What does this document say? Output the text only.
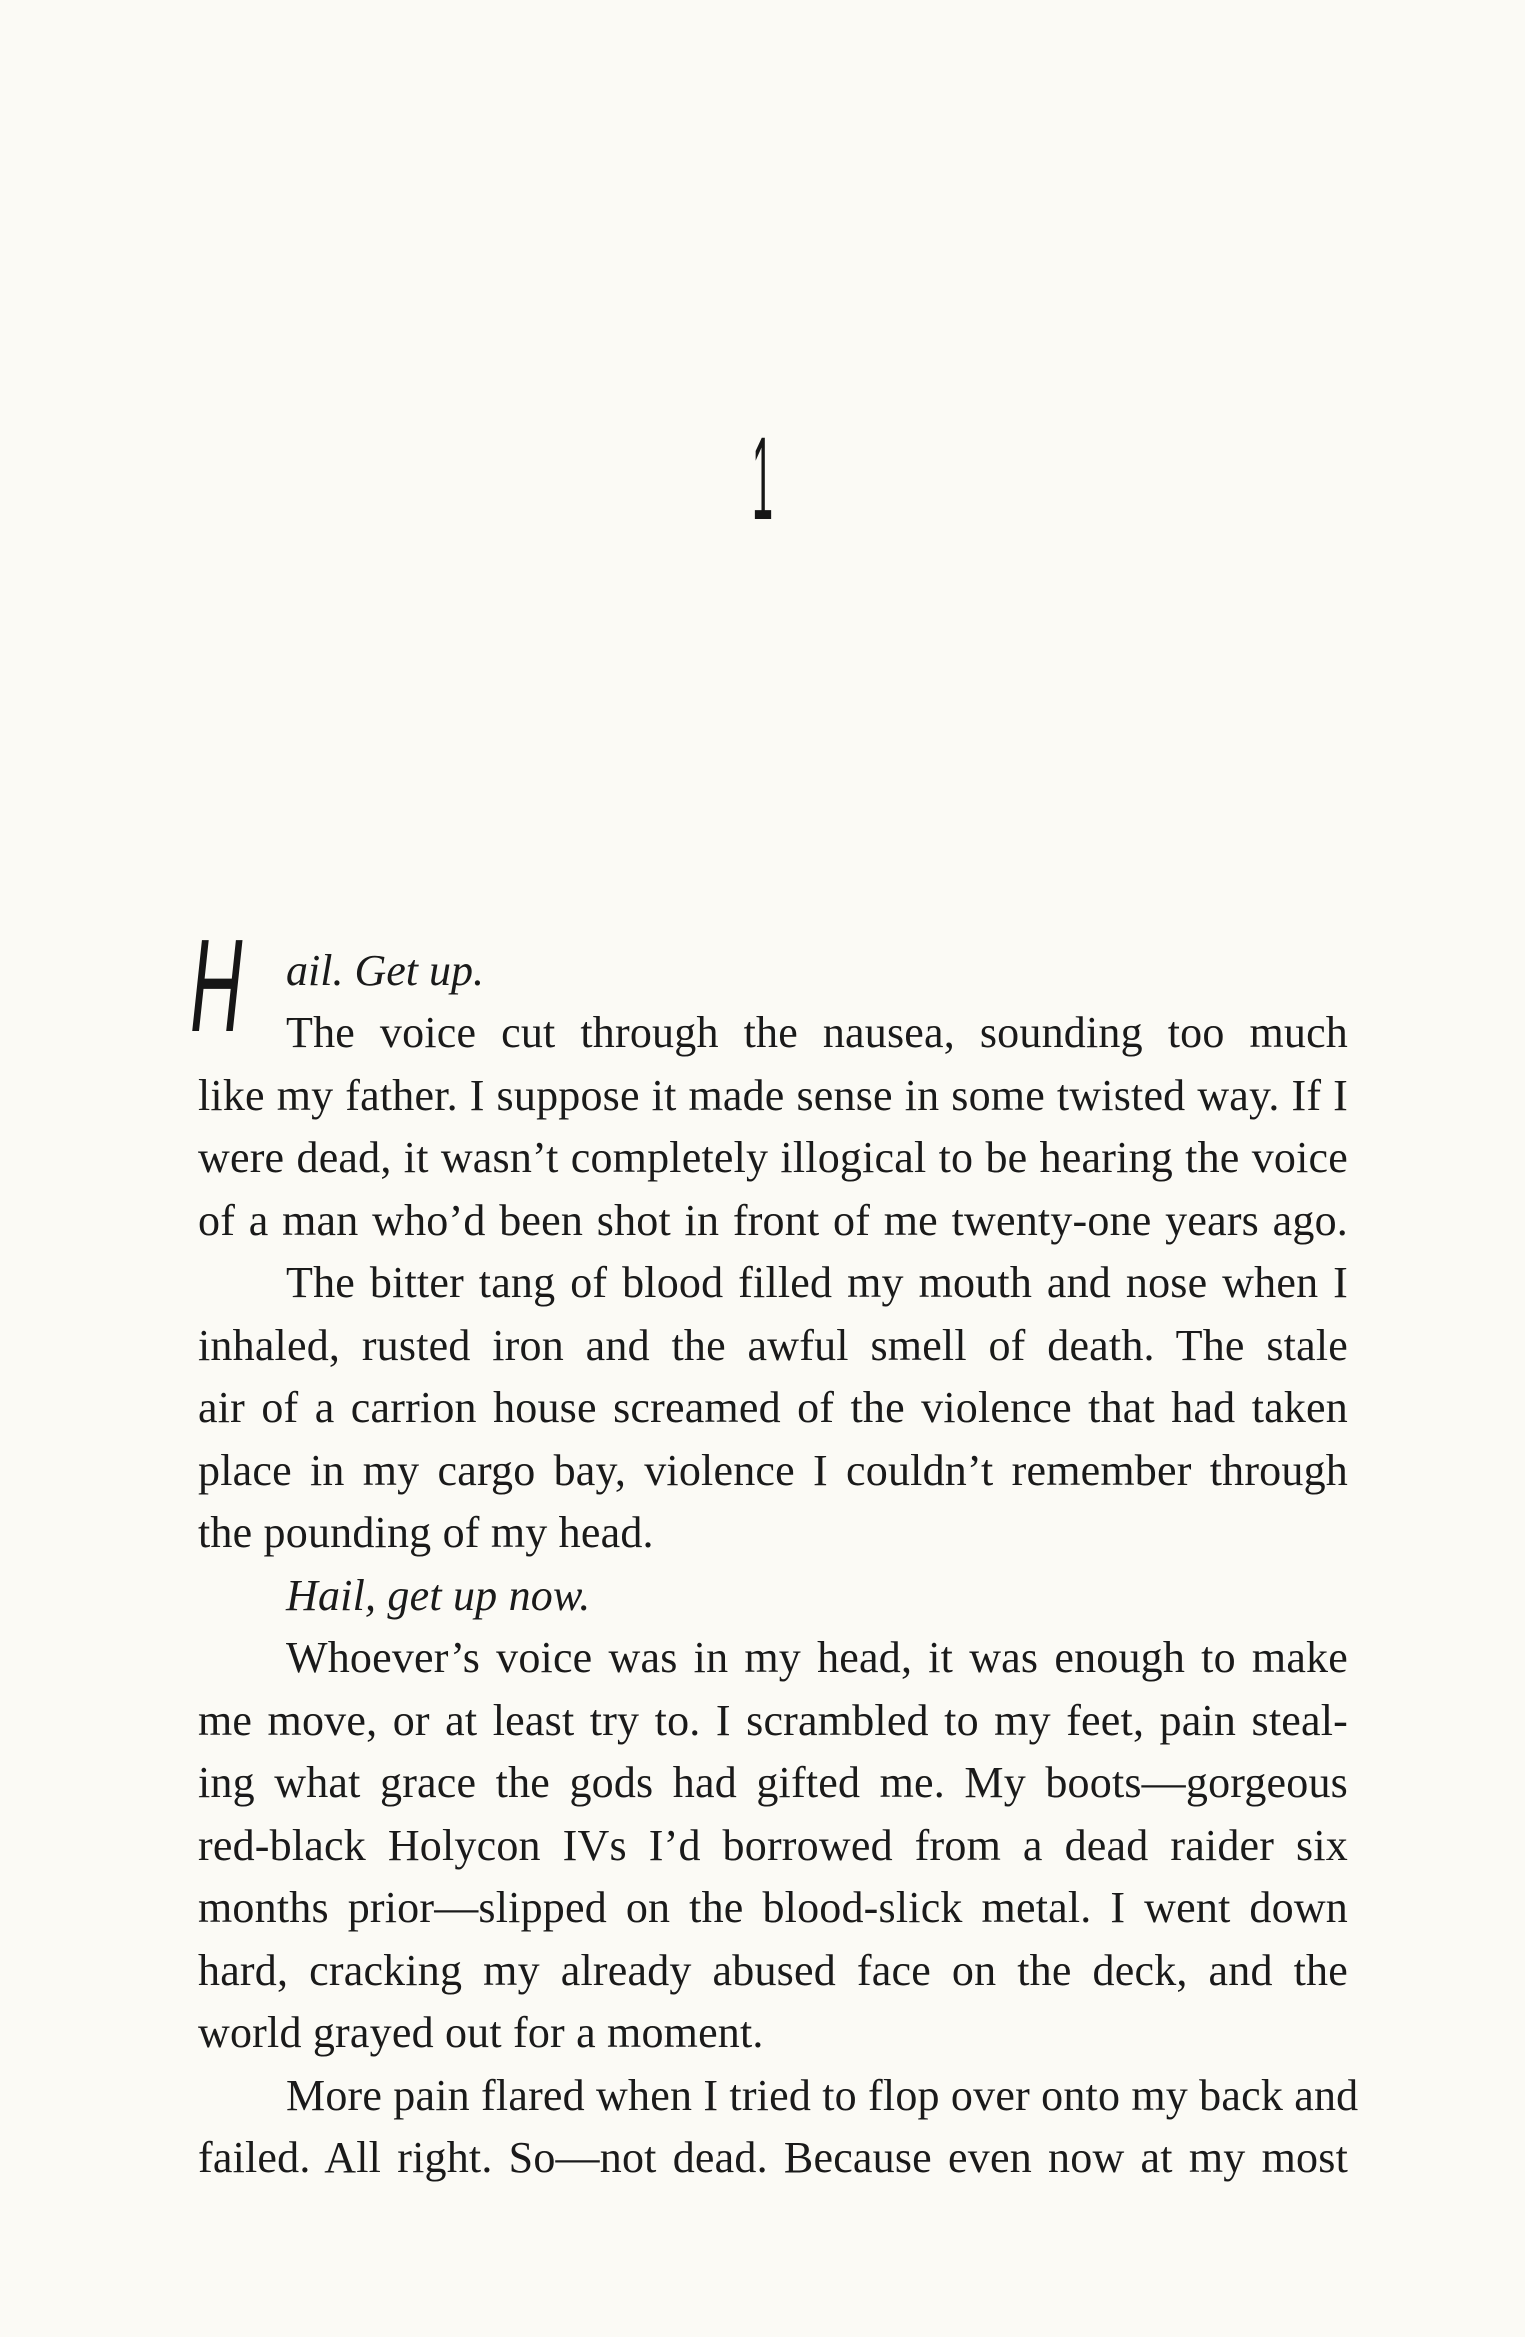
1
H ail. Get up.
The voice cut through the nausea, sounding too much
like my father. I suppose it made sense in some twisted way. If I
were dead, it wasn’t completely illogical to be hearing the voice
of a man who’d been shot in front of me twenty-one years ago.
The bitter tang of blood filled my mouth and nose when I
inhaled, rusted iron and the awful smell of death. The stale
air of a carrion house screamed of the violence that had taken
place in my cargo bay, violence I couldn’t remember through
the pounding of my head.
Hail, get up now.
Whoever’s voice was in my head, it was enough to make
me move, or at least try to. I scrambled to my feet, pain steal-
ing what grace the gods had gifted me. My boots—gorgeous
red-black Holycon IVs I’d borrowed from a dead raider six
months prior—slipped on the blood-slick metal. I went down
hard, cracking my already abused face on the deck, and the
world grayed out for a moment.
More pain flared when I tried to flop over onto my back and
failed. All right. So—not dead. Because even now at my most
